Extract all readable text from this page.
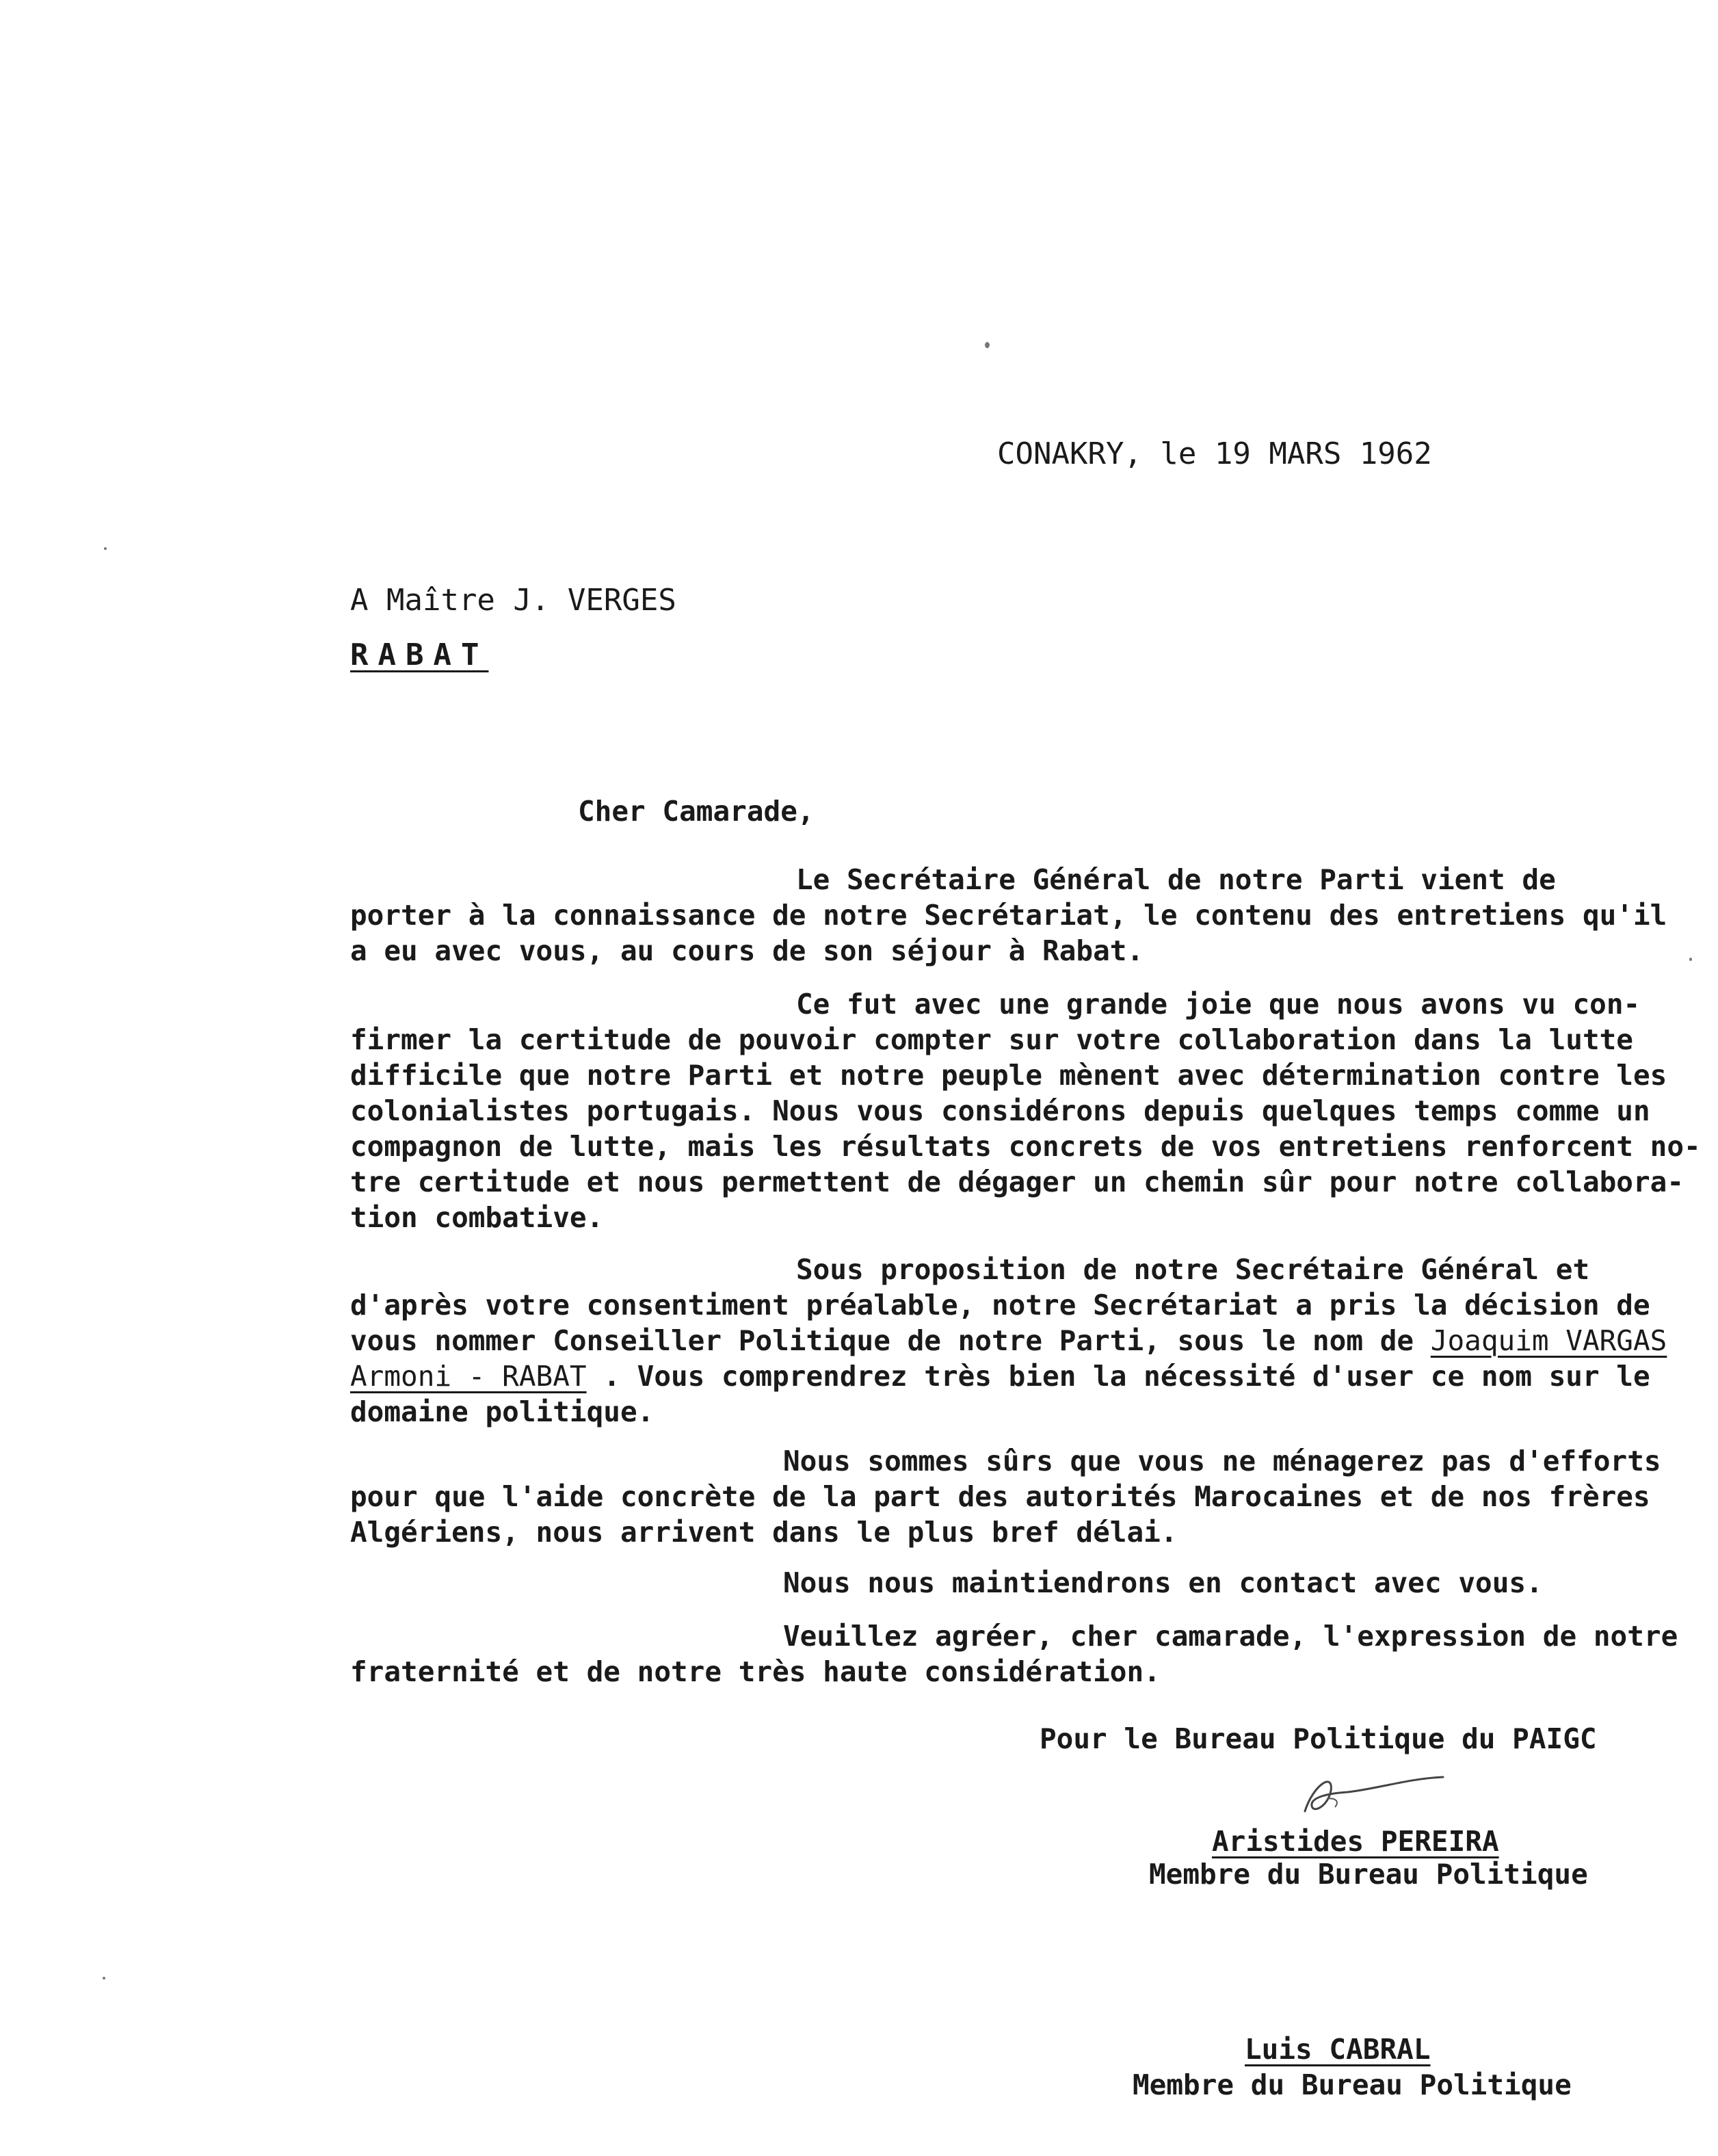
CONAKRY, le 19 MARS 1962
A Maître J. VERGES
RABAT
Cher Camarade,
Le Secrétaire Général de notre Parti vient de
porter à la connaissance de notre Secrétariat, le contenu des entretiens qu'il
a eu avec vous, au cours de son séjour à Rabat.
Ce fut avec une grande joie que nous avons vu con-
firmer la certitude de pouvoir compter sur votre collaboration dans la lutte
difficile que notre Parti et notre peuple mènent avec détermination contre les
colonialistes portugais. Nous vous considérons depuis quelques temps comme un
compagnon de lutte, mais les résultats concrets de vos entretiens renforcent no-
tre certitude et nous permettent de dégager un chemin sûr pour notre collabora-
tion combative.
Sous proposition de notre Secrétaire Général et
d'après votre consentiment préalable, notre Secrétariat a pris la décision de
vous nommer Conseiller Politique de notre Parti, sous le nom de Joaquim VARGAS
Armoni - RABAT . Vous comprendrez très bien la nécessité d'user ce nom sur le
domaine politique.
Nous sommes sûrs que vous ne ménagerez pas d'efforts
pour que l'aide concrète de la part des autorités Marocaines et de nos frères
Algériens, nous arrivent dans le plus bref délai.
Nous nous maintiendrons en contact avec vous.
Veuillez agréer, cher camarade, l'expression de notre
fraternité et de notre très haute considération.
Pour le Bureau Politique du PAIGC
Aristides PEREIRA
Membre du Bureau Politique
Luis CABRAL
Membre du Bureau Politique
